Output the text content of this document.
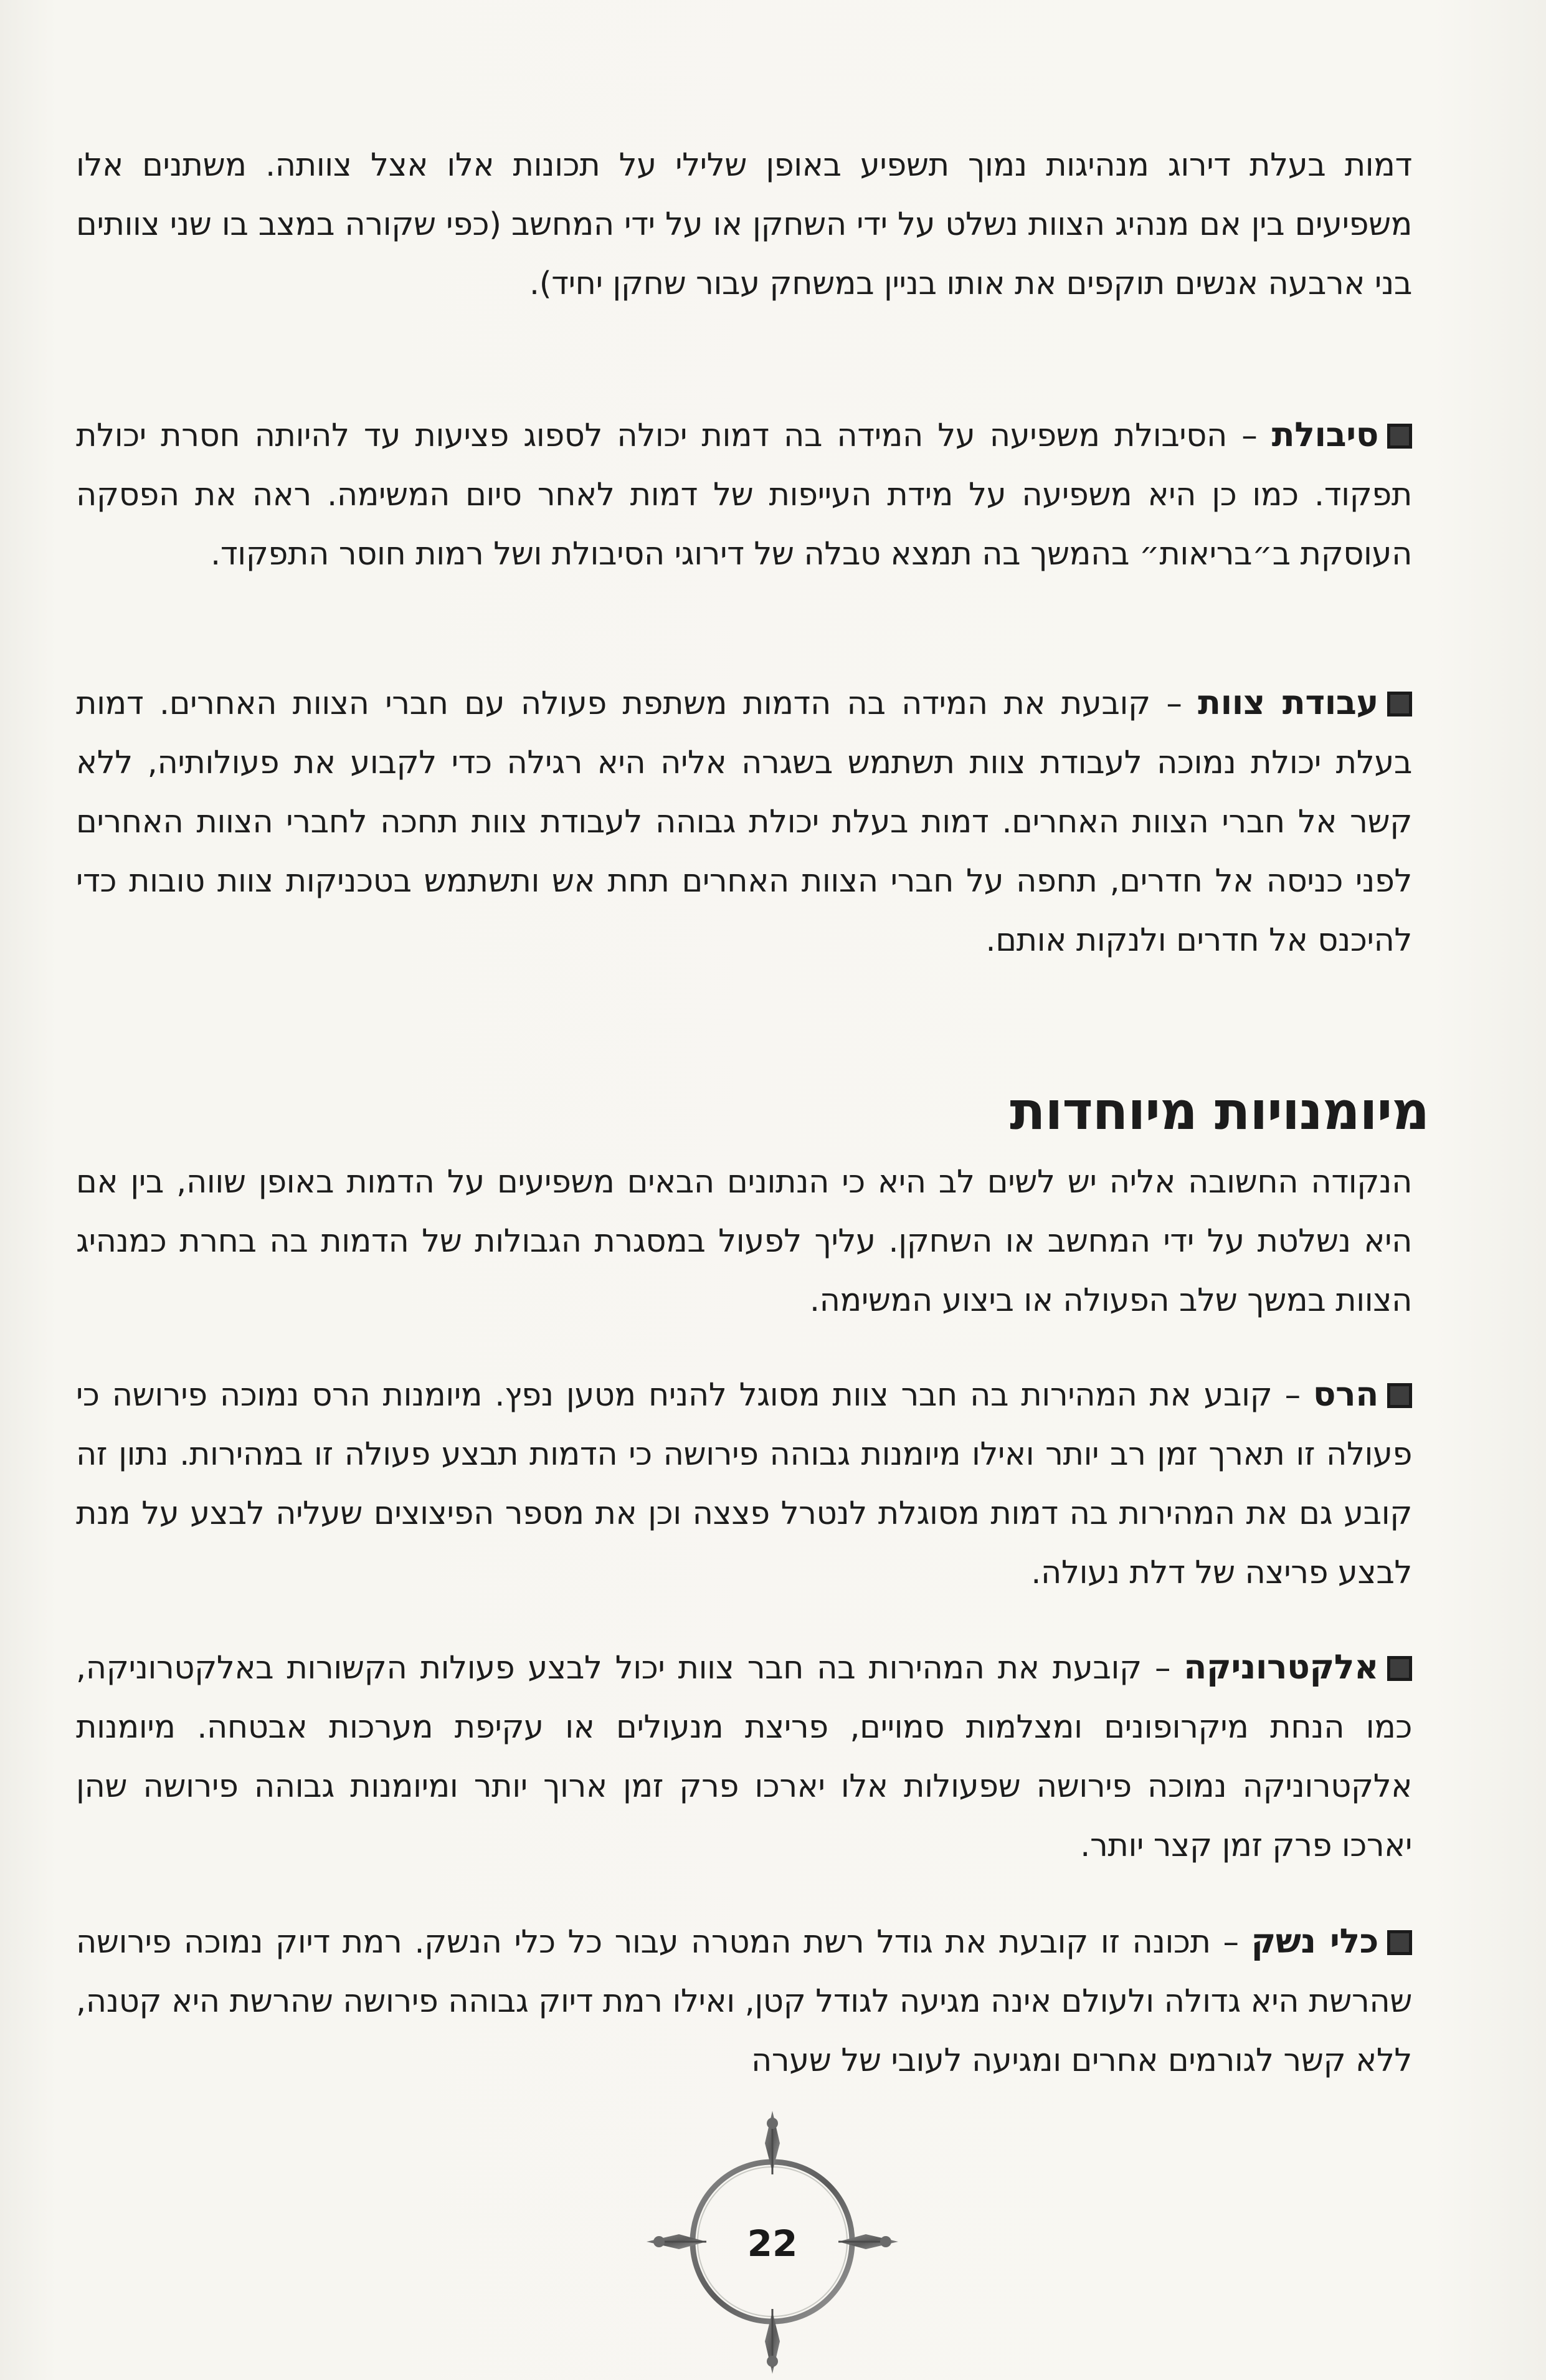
דמות בעלת דירוג מנהיגות נמוך תשפיע באופן שלילי על תכונות אלו אצל צוותה. משתנים אלו משפיעים בין אם מנהיג הצוות נשלט על ידי השחקן או על ידי המחשב (כפי שקורה במצב בו שני צוותים בני ארבעה אנשים תוקפים את אותו בניין במשחק עבור שחקן יחיד).

סיבולת – הסיבולת משפיעה על המידה בה דמות יכולה לספוג פציעות עד להיותה חסרת יכולת תפקוד. כמו כן היא משפיעה על מידת העייפות של דמות לאחר סיום המשימה. ראה את הפסקה העוסקת ב״בריאות״ בהמשך בה תמצא טבלה של דירוגי הסיבולת ושל רמות חוסר התפקוד.

עבודת צוות – קובעת את המידה בה הדמות משתפת פעולה עם חברי הצוות האחרים. דמות בעלת יכולת נמוכה לעבודת צוות תשתמש בשגרה אליה היא רגילה כדי לקבוע את פעולותיה, ללא קשר אל חברי הצוות האחרים. דמות בעלת יכולת גבוהה לעבודת צוות תחכה לחברי הצוות האחרים לפני כניסה אל חדרים, תחפה על חברי הצוות האחרים תחת אש ותשתמש בטכניקות צוות טובות כדי להיכנס אל חדרים ולנקות אותם.

מיומנויות מיוחדות

הנקודה החשובה אליה יש לשים לב היא כי הנתונים הבאים משפיעים על הדמות באופן שווה, בין אם היא נשלטת על ידי המחשב או השחקן. עליך לפעול במסגרת הגבולות של הדמות בה בחרת כמנהיג הצוות במשך שלב הפעולה או ביצוע המשימה.

הרס – קובע את המהירות בה חבר צוות מסוגל להניח מטען נפץ. מיומנות הרס נמוכה פירושה כי פעולה זו תארך זמן רב יותר ואילו מיומנות גבוהה פירושה כי הדמות תבצע פעולה זו במהירות. נתון זה קובע גם את המהירות בה דמות מסוגלת לנטרל פצצה וכן את מספר הפיצוצים שעליה לבצע על מנת לבצע פריצה של דלת נעולה.

אלקטרוניקה – קובעת את המהירות בה חבר צוות יכול לבצע פעולות הקשורות באלקטרוניקה, כמו הנחת מיקרופונים ומצלמות סמויים, פריצת מנעולים או עקיפת מערכות אבטחה. מיומנות אלקטרוניקה נמוכה פירושה שפעולות אלו יארכו פרק זמן ארוך יותר ומיומנות גבוהה פירושה שהן יארכו פרק זמן קצר יותר.

כלי נשק – תכונה זו קובעת את גודל רשת המטרה עבור כל כלי הנשק. רמת דיוק נמוכה פירושה שהרשת היא גדולה ולעולם אינה מגיעה לגודל קטן, ואילו רמת דיוק גבוהה פירושה שהרשת היא קטנה, ללא קשר לגורמים אחרים ומגיעה לעובי של שערה

22
